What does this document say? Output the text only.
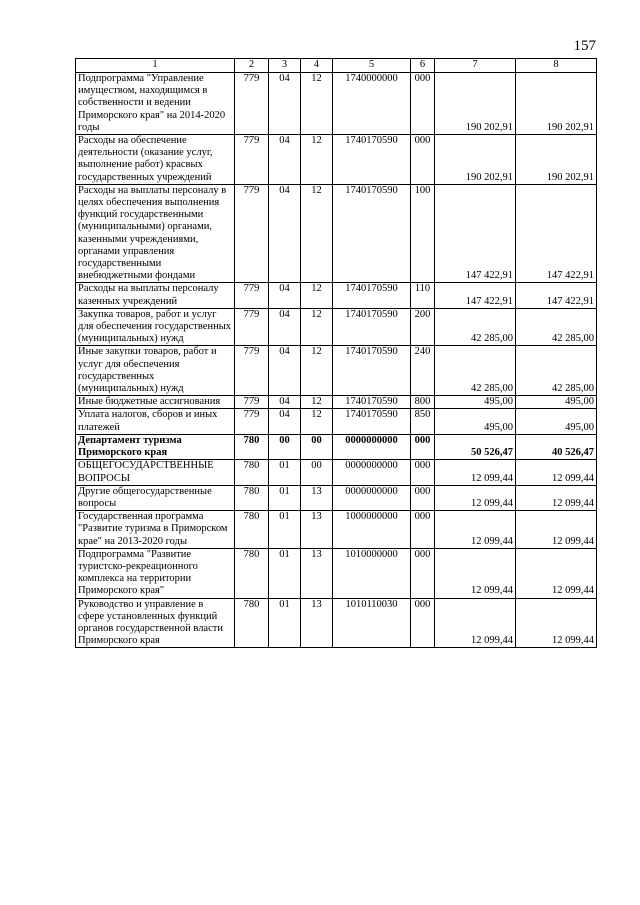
157
1	2	3	4	5	6	7	8
Подпрограмма "Управление имуществом, находящимся в собственности и ведении Приморского края" на 2014-2020 годы	779	04	12	1740000000	000	190 202,91	190 202,91
Расходы на обеспечение деятельности (оказание услуг, выполнение работ) красвых государственных учреждений	779	04	12	1740170590	000	190 202,91	190 202,91
Расходы на выплаты персоналу в целях обеспечения выполнения функций государственными (муниципальными) органами, казенными учреждениями, органами управления государственными внебюджетными фондами	779	04	12	1740170590	100	147 422,91	147 422,91
Расходы на выплаты персоналу казенных учреждений	779	04	12	1740170590	110	147 422,91	147 422,91
Закупка товаров, работ и услуг для обеспечения государственных (муниципальных) нужд	779	04	12	1740170590	200	42 285,00	42 285,00
Иные закупки товаров, работ и услуг для обеспечения государственных (муниципальных) нужд	779	04	12	1740170590	240	42 285,00	42 285,00
Иные бюджетные ассигнования	779	04	12	1740170590	800	495,00	495,00
Уплата налогов, сборов и иных платежей	779	04	12	1740170590	850	495,00	495,00
Департамент туризма Приморского края	780	00	00	0000000000	000	50 526,47	40 526,47
ОБЩЕГОСУДАРСТВЕННЫЕ ВОПРОСЫ	780	01	00	0000000000	000	12 099,44	12 099,44
Другие общегосударственные вопросы	780	01	13	0000000000	000	12 099,44	12 099,44
Государственная программа "Развитие туризма в Приморском крае" на 2013-2020 годы	780	01	13	1000000000	000	12 099,44	12 099,44
Подпрограмма "Развитие туристско-рекреационного комплекса на территории Приморского края"	780	01	13	1010000000	000	12 099,44	12 099,44
Руководство и управление в сфере установленных функций органов государственной власти Приморского края	780	01	13	1010110030	000	12 099,44	12 099,44
